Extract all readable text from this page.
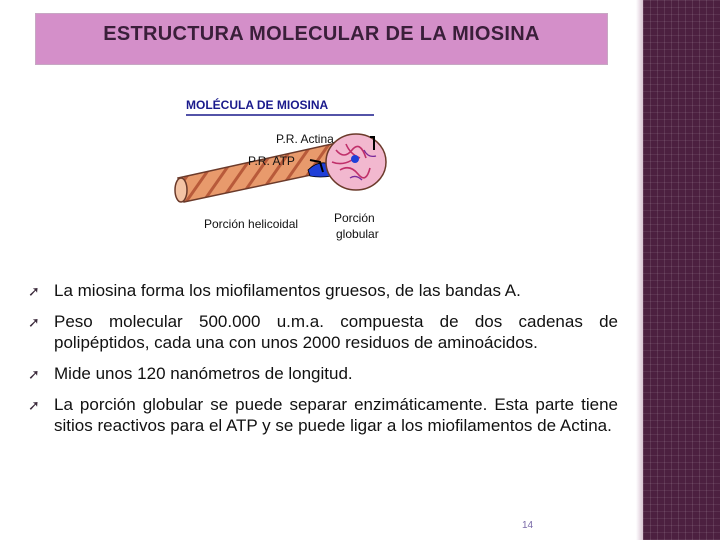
ESTRUCTURA MOLECULAR DE LA MIOSINA
MOLÉCULA DE MIOSINA
P.R. Actina
P.R. ATP
Porción helicoidal	Porción
globular
➚ La miosina forma los miofilamentos gruesos, de las bandas A.
➚ Peso molecular 500.000 u.m.a. compuesta de dos cadenas de polipéptidos, cada una con unos 2000 residuos de aminoácidos.
➚ Mide unos 120 nanómetros de longitud.
➚ La porción globular se puede separar enzimáticamente. Esta parte tiene sitios reactivos para el ATP y se puede ligar a los miofilamentos de Actina.
14
